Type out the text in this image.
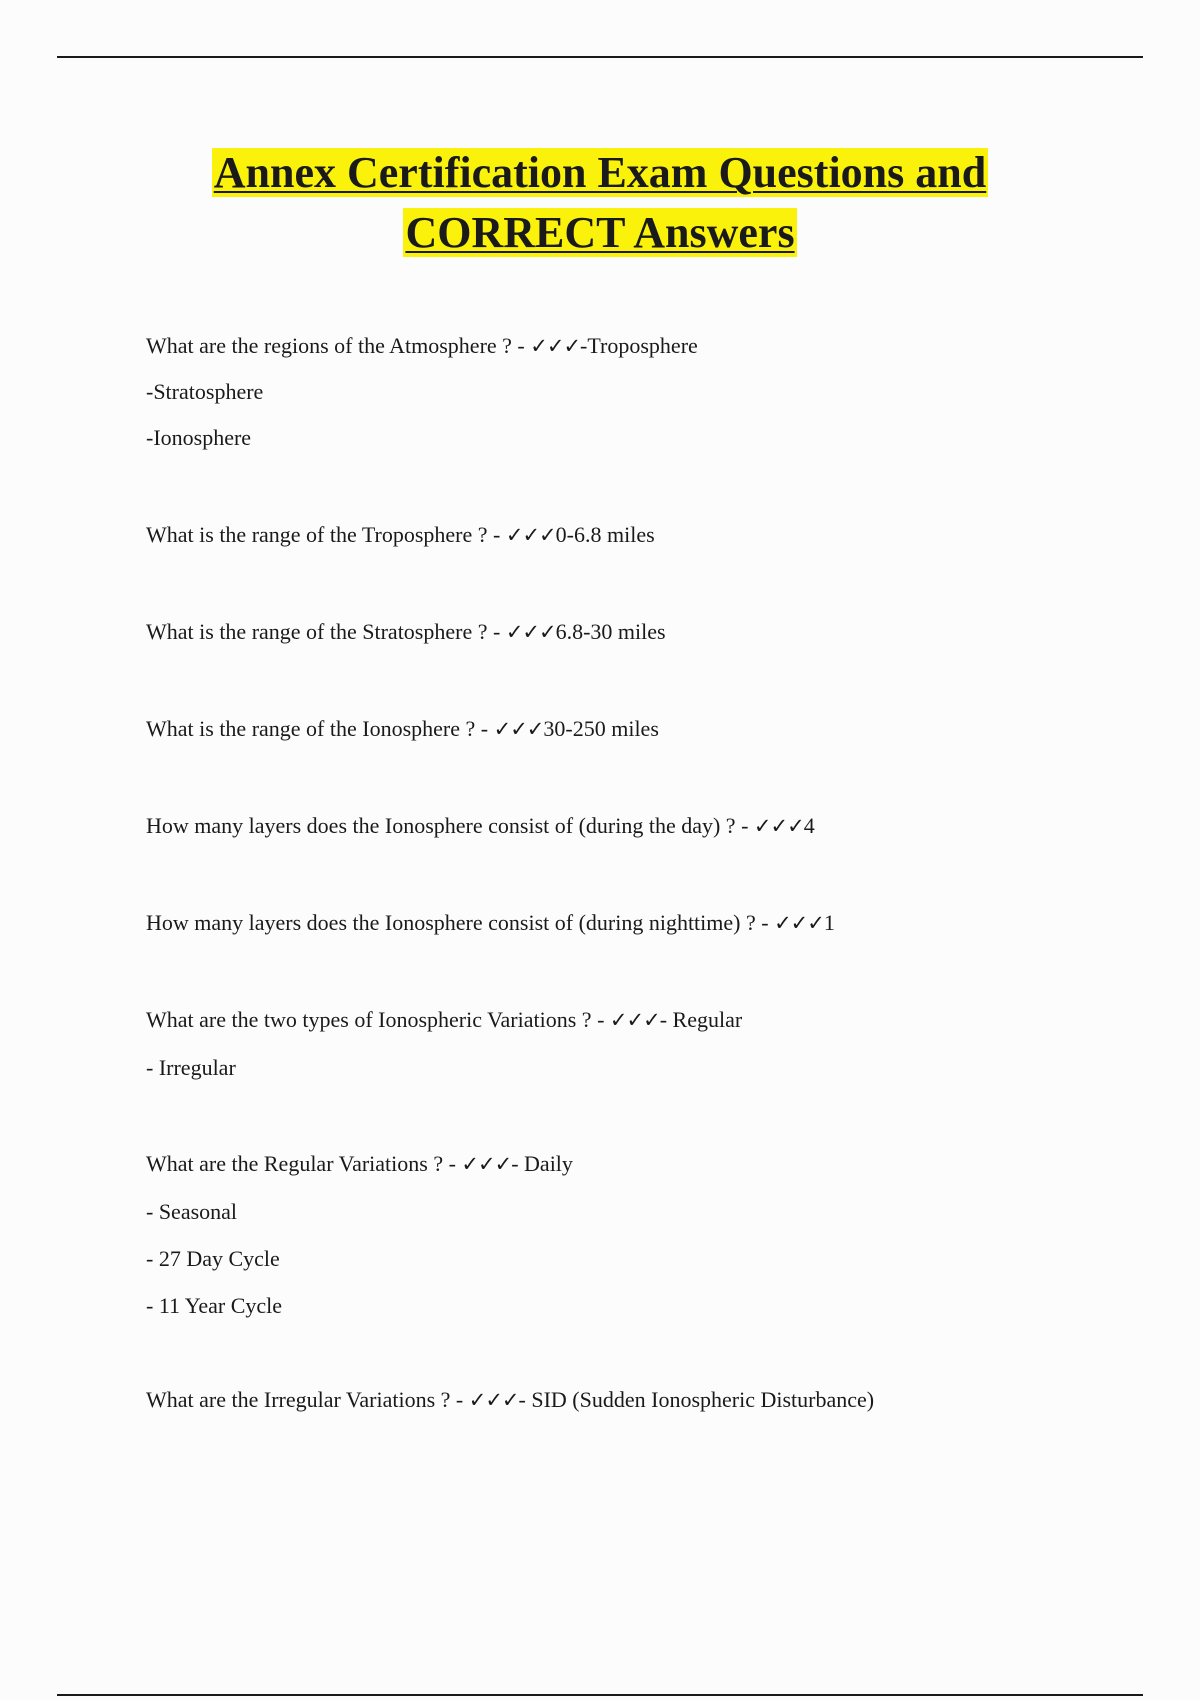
Annex Certification Exam Questions and
CORRECT Answers
What are the regions of the Atmosphere ? - ✓✓✓-Troposphere
-Stratosphere
-Ionosphere
What is the range of the Troposphere ? - ✓✓✓0-6.8 miles
What is the range of the Stratosphere ? - ✓✓✓6.8-30 miles
What is the range of the Ionosphere ? - ✓✓✓30-250 miles
How many layers does the Ionosphere consist of (during the day) ? - ✓✓✓4
How many layers does the Ionosphere consist of (during nighttime) ? - ✓✓✓1
What are the two types of Ionospheric Variations ? - ✓✓✓- Regular
- Irregular
What are the Regular Variations ? - ✓✓✓- Daily
- Seasonal
- 27 Day Cycle
- 11 Year Cycle
What are the Irregular Variations ? - ✓✓✓- SID (Sudden Ionospheric Disturbance)
